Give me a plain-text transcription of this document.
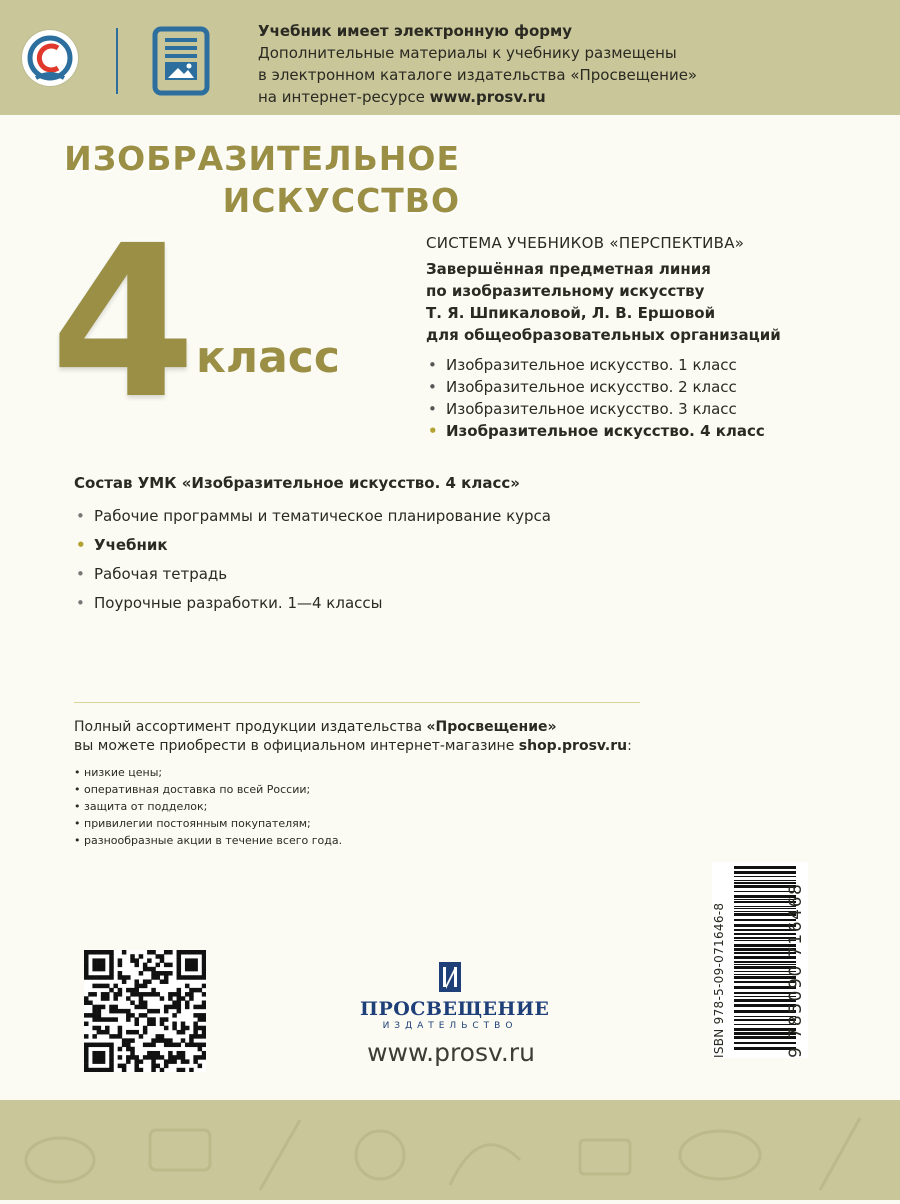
Учебник имеет электронную форму
Дополнительные материалы к учебнику размещены
в электронном каталоге издательства «Просвещение»
на интернет-ресурсе www.prosv.ru
ИЗОБРАЗИТЕЛЬНОЕ
ИСКУССТВО
4 класс
СИСТЕМА УЧЕБНИКОВ «ПЕРСПЕКТИВА»
Завершённая предметная линия
по изобразительному искусству
Т. Я. Шпикаловой, Л. В. Ершовой
для общеобразовательных организаций
• Изобразительное искусство. 1 класс
• Изобразительное искусство. 2 класс
• Изобразительное искусство. 3 класс
• Изобразительное искусство. 4 класс
Состав УМК «Изобразительное искусство. 4 класс»
• Рабочие программы и тематическое планирование курса
• Учебник
• Рабочая тетрадь
• Поурочные разработки. 1—4 классы
Полный ассортимент продукции издательства «Просвещение»
вы можете приобрести в официальном интернет-магазине shop.prosv.ru:
• низкие цены;
• оперативная доставка по всей России;
• защита от подделок;
• привилегии постоянным покупателям;
• разнообразные акции в течение всего года.
ПРОСВЕЩЕНИЕ
ИЗДАТЕЛЬСТВО
www.prosv.ru	ISBN 978-5-09-071646-8	9 785090 716468
